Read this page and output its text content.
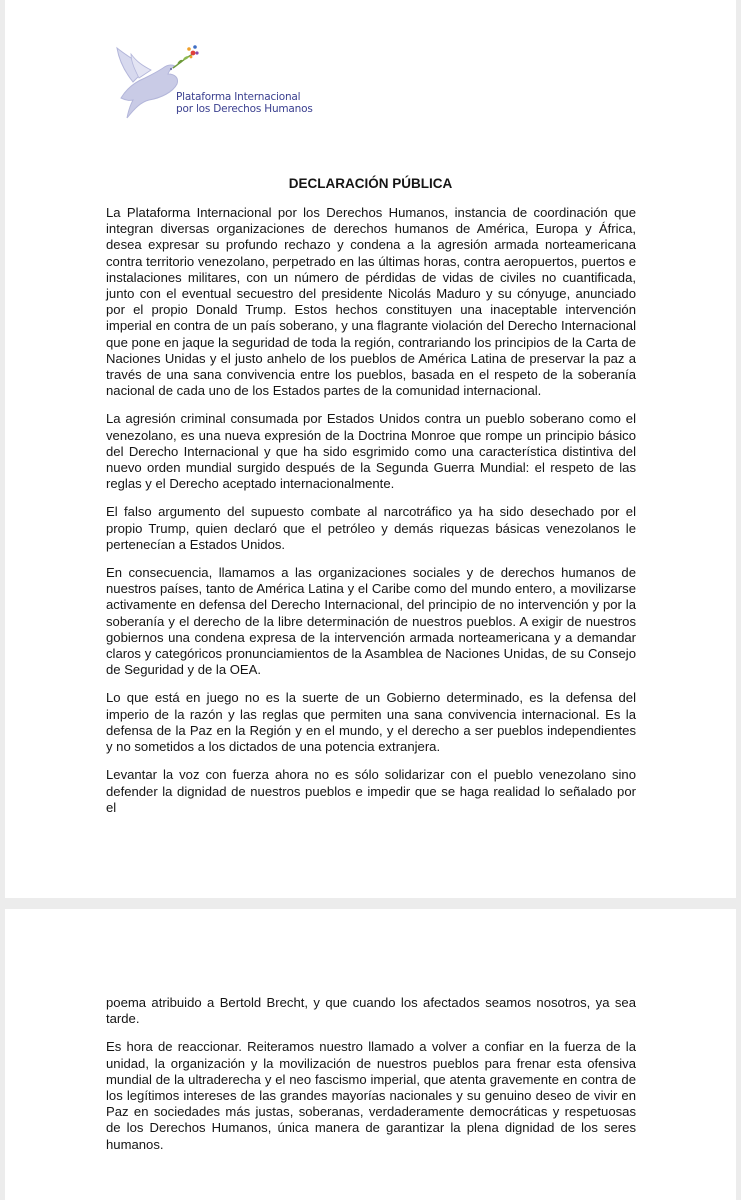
Plataforma Internacional
por los Derechos Humanos
DECLARACIÓN PÚBLICA

La Plataforma Internacional por los Derechos Humanos, instancia de coordinación que integran diversas organizaciones de derechos humanos de América, Europa y África, desea expresar su profundo rechazo y condena a la agresión armada norteamericana contra territorio venezolano, perpetrado en las últimas horas, contra aeropuertos, puertos e instalaciones militares, con un número de pérdidas de vidas de civiles no cuantificada, junto con el eventual secuestro del presidente Nicolás Maduro y su cónyuge, anunciado por el propio Donald Trump. Estos hechos constituyen una inaceptable intervención imperial en contra de un país soberano, y una flagrante violación del Derecho Internacional que pone en jaque la seguridad de toda la región, contrariando los principios de la Carta de Naciones Unidas y el justo anhelo de los pueblos de América Latina de preservar la paz a través de una sana convivencia entre los pueblos, basada en el respeto de la soberanía nacional de cada uno de los Estados partes de la comunidad internacional.

La agresión criminal consumada por Estados Unidos contra un pueblo soberano como el venezolano, es una nueva expresión de la Doctrina Monroe que rompe un principio básico del Derecho Internacional y que ha sido esgrimido como una característica distintiva del nuevo orden mundial surgido después de la Segunda Guerra Mundial: el respeto de las reglas y el Derecho aceptado internacionalmente.

El falso argumento del supuesto combate al narcotráfico ya ha sido desechado por el propio Trump, quien declaró que el petróleo y demás riquezas básicas venezolanos le pertenecían a Estados Unidos.

En consecuencia, llamamos a las organizaciones sociales y de derechos humanos de nuestros países, tanto de América Latina y el Caribe como del mundo entero, a movilizarse activamente en defensa del Derecho Internacional, del principio de no intervención y por la soberanía y el derecho de la libre determinación de nuestros pueblos. A exigir de nuestros gobiernos una condena expresa de la intervención armada norteamericana y a demandar claros y categóricos pronunciamientos de la Asamblea de Naciones Unidas, de su Consejo de Seguridad y de la OEA.

Lo que está en juego no es la suerte de un Gobierno determinado, es la defensa del imperio de la razón y las reglas que permiten una sana convivencia internacional. Es la defensa de la Paz en la Región y en el mundo, y el derecho a ser pueblos independientes y no sometidos a los dictados de una potencia extranjera.

Levantar la voz con fuerza ahora no es sólo solidarizar con el pueblo venezolano sino defender la dignidad de nuestros pueblos e impedir que se haga realidad lo señalado por el

poema atribuido a Bertold Brecht, y que cuando los afectados seamos nosotros, ya sea tarde.

Es hora de reaccionar. Reiteramos nuestro llamado a volver a confiar en la fuerza de la unidad, la organización y la movilización de nuestros pueblos para frenar esta ofensiva mundial de la ultraderecha y el neo fascismo imperial, que atenta gravemente en contra de los legítimos intereses de las grandes mayorías nacionales y su genuino deseo de vivir en Paz en sociedades más justas, soberanas, verdaderamente democráticas y respetuosas de los Derechos Humanos, única manera de garantizar la plena dignidad de los seres humanos.
